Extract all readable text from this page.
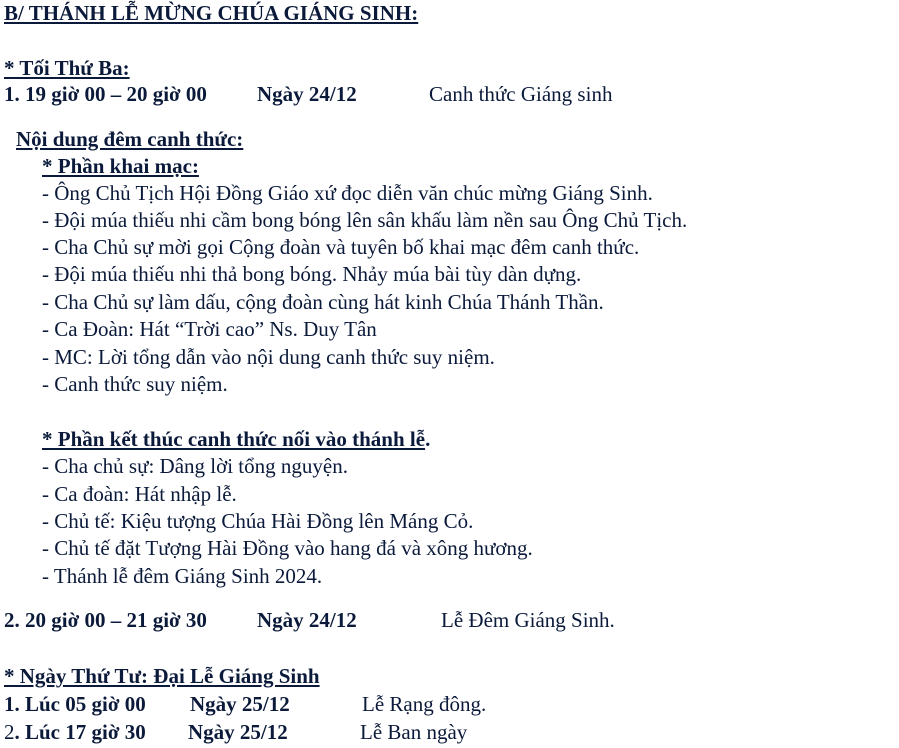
B/ THÁNH LỄ MỪNG CHÚA GIÁNG SINH:
* Tối Thứ Ba:
1. 19 giờ 00 – 20 giờ 00 Ngày 24/12	Canh thức Giáng sinh
Nội dung đêm canh thức:
* Phần khai mạc:
- Ông Chủ Tịch Hội Đồng Giáo xứ đọc diễn văn chúc mừng Giáng Sinh.
- Đội múa thiếu nhi cầm bong bóng lên sân khấu làm nền sau Ông Chủ Tịch.
- Cha Chủ sự mời gọi Cộng đoàn và tuyên bố khai mạc đêm canh thức.
- Đội múa thiếu nhi thả bong bóng. Nhảy múa bài tùy dàn dựng.
- Cha Chủ sự làm dấu, cộng đoàn cùng hát kinh Chúa Thánh Thần.
- Ca Đoàn: Hát “Trời cao” Ns. Duy Tân
- MC: Lời tổng dẫn vào nội dung canh thức suy niệm.
- Canh thức suy niệm.
* Phần kết thúc canh thức nối vào thánh lễ.
- Cha chủ sự: Dâng lời tổng nguyện.
- Ca đoàn: Hát nhập lễ.
- Chủ tế: Kiệu tượng Chúa Hài Đồng lên Máng Cỏ.
- Chủ tế đặt Tượng Hài Đồng vào hang đá và xông hương.
- Thánh lễ đêm Giáng Sinh 2024.
2. 20 giờ 00 – 21 giờ 30 Ngày 24/12	Lễ Đêm Giáng Sinh.
* Ngày Thứ Tư: Đại Lễ Giáng Sinh
1. Lúc 05 giờ 00 Ngày 25/12	Lễ Rạng đông.
2. Lúc 17 giờ 30 Ngày 25/12	Lễ Ban ngày
